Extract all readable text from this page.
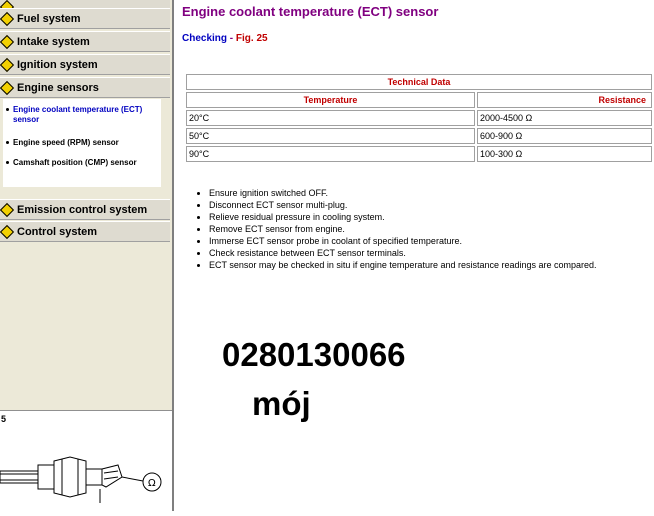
Fuel system
Intake system
Ignition system
Engine sensors
Engine coolant temperature (ECT) sensor
Engine speed (RPM) sensor
Camshaft position (CMP) sensor
Emission control system
Control system
5
Ω
Engine coolant temperature (ECT) sensor
Checking - Fig. 25
Technical Data	
Temperature	Resistance
20°C	2000-4500 Ω
50°C	600-900 Ω
90°C	100-300 Ω
• Ensure ignition switched OFF.
• Disconnect ECT sensor multi-plug.
• Relieve residual pressure in cooling system.
• Remove ECT sensor from engine.
• Immerse ECT sensor probe in coolant of specified temperature.
• Check resistance between ECT sensor terminals.
• ECT sensor may be checked in situ if engine temperature and resistance readings are compared.
0280130066
mój
